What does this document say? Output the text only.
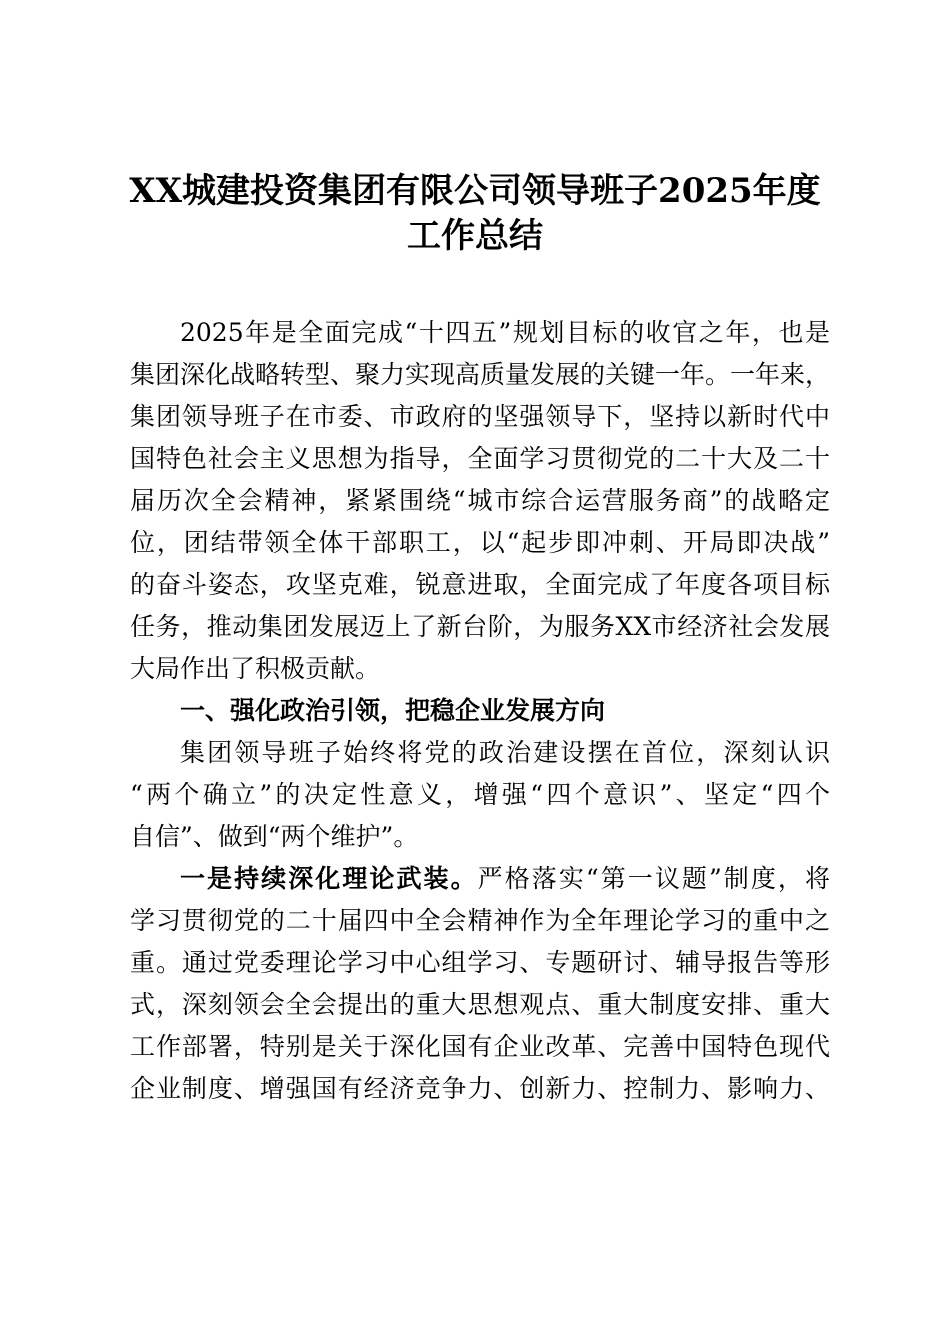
XX城建投资集团有限公司领导班子2025年度
工作总结
2025年是全面完成“十四五”规划目标的收官之年，也是
集团深化战略转型、聚力实现高质量发展的关键一年。一年来，
集团领导班子在市委、市政府的坚强领导下，坚持以新时代中
国特色社会主义思想为指导，全面学习贯彻党的二十大及二十
届历次全会精神，紧紧围绕“城市综合运营服务商”的战略定
位，团结带领全体干部职工，以“起步即冲刺、开局即决战”
的奋斗姿态，攻坚克难，锐意进取，全面完成了年度各项目标
任务，推动集团发展迈上了新台阶，为服务XX市经济社会发展
大局作出了积极贡献。
一、强化政治引领，把稳企业发展方向
集团领导班子始终将党的政治建设摆在首位，深刻认识
“两个确立”的决定性意义，增强“四个意识”、坚定“四个
自信”、做到“两个维护”。
一是持续深化理论武装。严格落实“第一议题”制度，将
学习贯彻党的二十届四中全会精神作为全年理论学习的重中之
重。通过党委理论学习中心组学习、专题研讨、辅导报告等形
式，深刻领会全会提出的重大思想观点、重大制度安排、重大
工作部署，特别是关于深化国有企业改革、完善中国特色现代
企业制度、增强国有经济竞争力、创新力、控制力、影响力、
